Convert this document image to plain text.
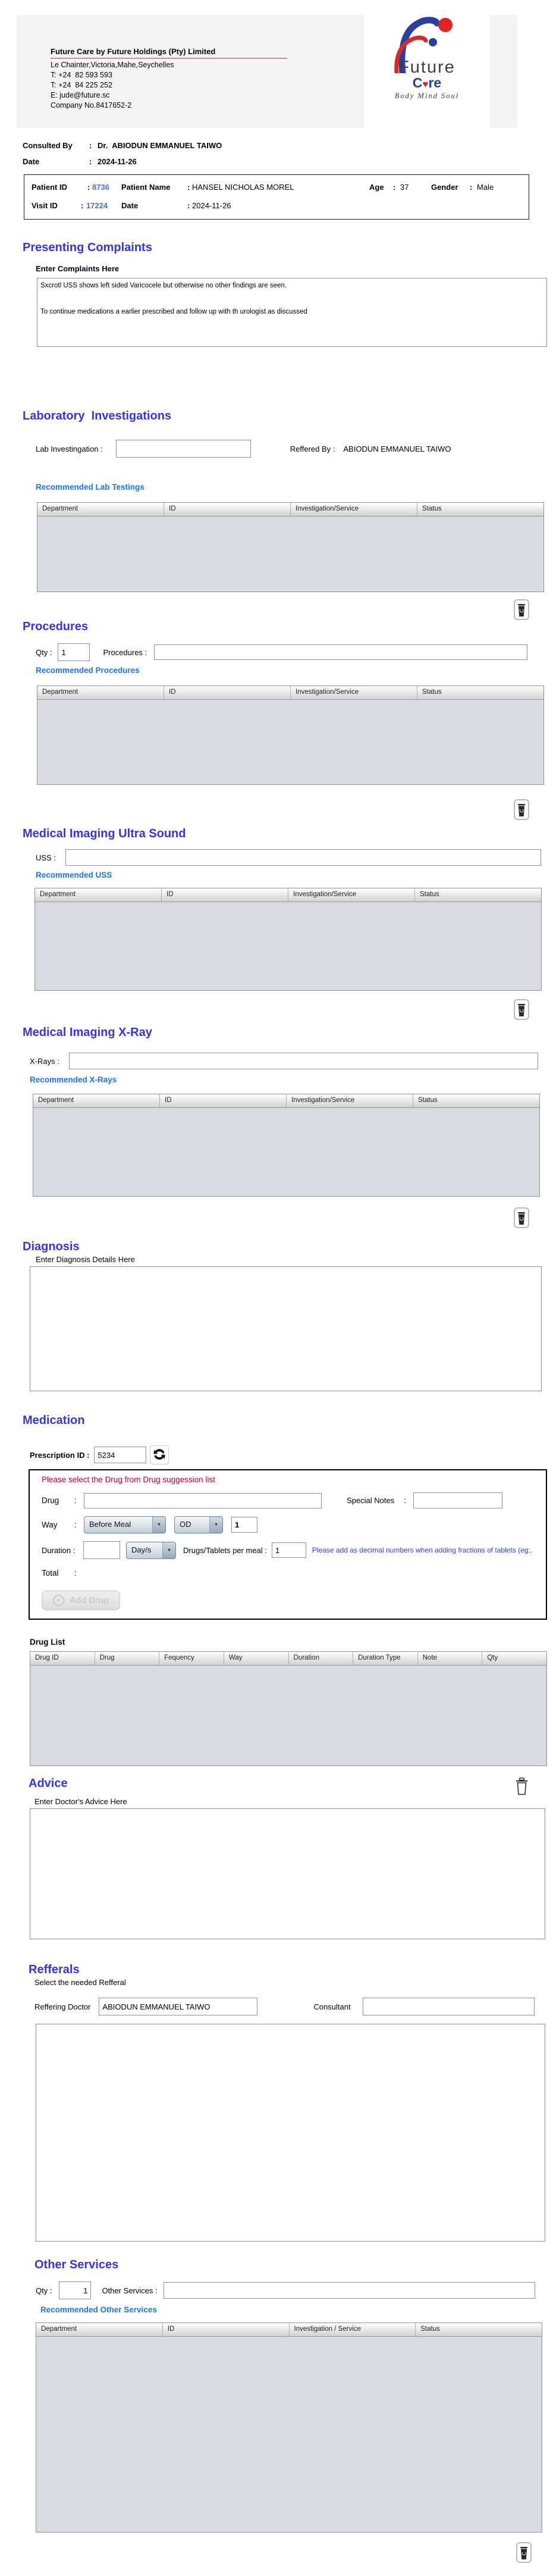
Future Care by Future Holdings (Pty) Limited
Le Chainter,Victoria,Mahe,Seychelles
T: +24  82 593 593
T: +24  84 225 252
E: jude@future.sc
Company No.8417652-2
Future
C♥re
Body Mind Soul
Consulted By	: Dr.  ABIODUN EMMANUEL TAIWO
Date	: 2024-11-26
Patient ID	: 8736 Patient Name : HANSEL NICHOLAS MOREL	Age : 37	Gender : Male
Visit ID	: 17224 Date	: 2024-11-26
Presenting Complaints
Enter Complaints Here
Sxcrotl USS shows left sided Varicocele but otherwise no other findings are seen. To continue medications a earlier prescribed and follow up with th urologist as discussed
Laboratory  Investigations
Lab Investingation :	Reffered By : ABIODUN EMMANUEL TAIWO
Recommended Lab Testings
Department	ID	Investigation/Service	Status
Procedures
Qty :
1	Procedures :
Recommended Procedures
Department	ID	Investigation/Service	Status
Medical Imaging Ultra Sound
USS :
Recommended USS
Department	ID	Investigation/Service	Status
Medical Imaging X-Ray
X-Rays :
Recommended X-Rays
Department	ID	Investigation/Service	Status
Diagnosis
Enter Diagnosis Details Here
Medication
Prescription ID :
5234
Please select the Drug from Drug suggession list
Drug	:	Special Notes	:
Way	:	Before Meal	▼	OD	▼
1
Duration :	Day/s	▼	Drugs/Tablets per meal :
1	Please add as decimal numbers when adding fractions of tablets (eg:.
Total	:
+	Add Drug
Drug List
Drug ID	Drug	Fequency	Way	Duration	Duration Type	Note	Qty
Advice
Enter Doctor's Advice Here
Refferals
Select the needed Refferal
Reffering Doctor
ABIODUN EMMANUEL TAIWO	Consultant
Other Services
Qty :
1	Other Services :
Recommended Other Services
Department	ID	Investigation / Service	Status
